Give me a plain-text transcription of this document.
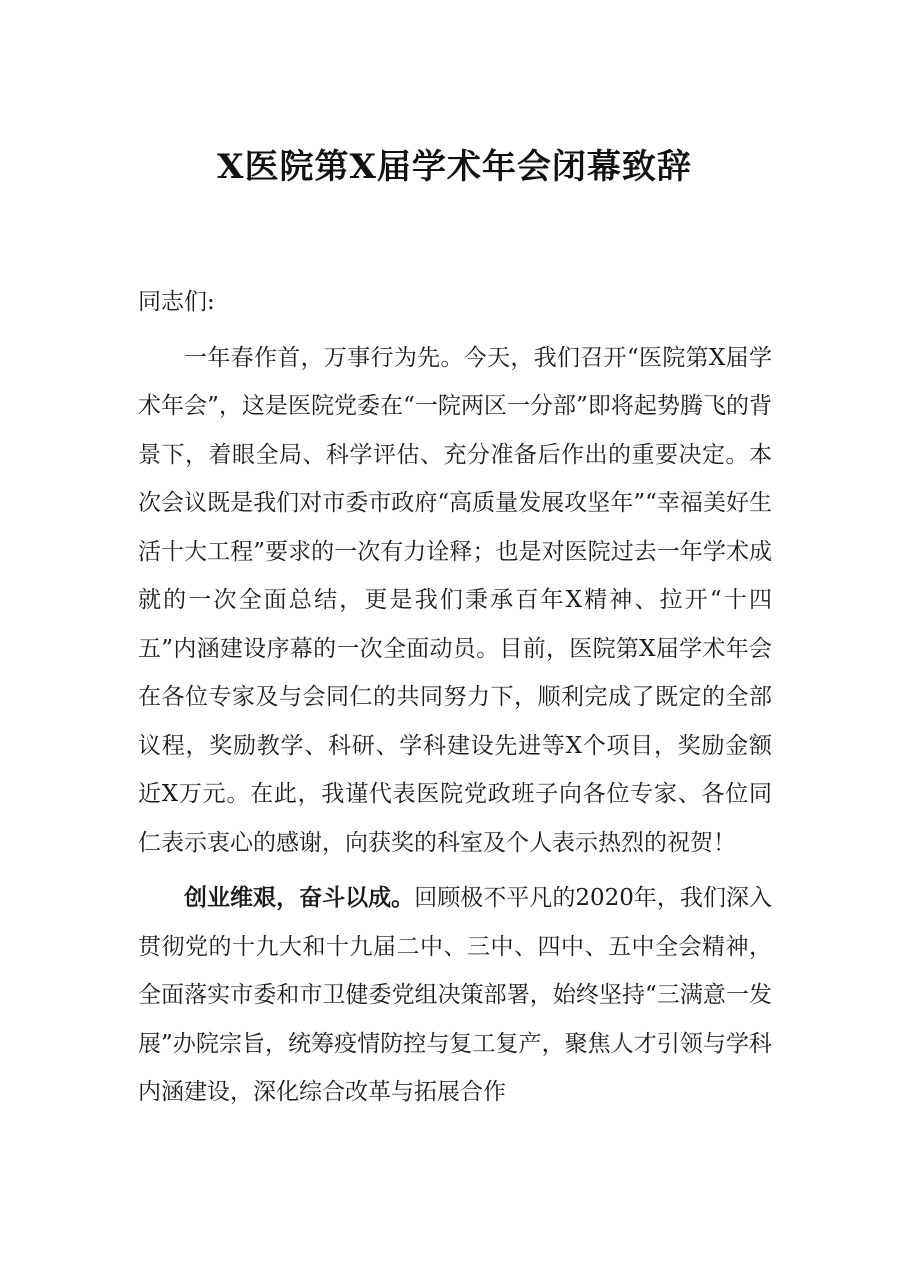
X医院第X届学术年会闭幕致辞

同志们:

一年春作首，万事行为先。今天，我们召开“医院第X届学术年会”，这是医院党委在“一院两区一分部”即将起势腾飞的背景下，着眼全局、科学评估、充分准备后作出的重要决定。本次会议既是我们对市委市政府“高质量发展攻坚年”“幸福美好生活十大工程”要求的一次有力诠释；也是对医院过去一年学术成就的一次全面总结，更是我们秉承百年X精神、拉开“十四五”内涵建设序幕的一次全面动员。目前，医院第X届学术年会在各位专家及与会同仁的共同努力下，顺利完成了既定的全部议程，奖励教学、科研、学科建设先进等X个项目，奖励金额近X万元。在此，我谨代表医院党政班子向各位专家、各位同仁表示衷心的感谢，向获奖的科室及个人表示热烈的祝贺！

创业维艰，奋斗以成。回顾极不平凡的2020年，我们深入贯彻党的十九大和十九届二中、三中、四中、五中全会精神，全面落实市委和市卫健委党组决策部署，始终坚持“三满意一发展”办院宗旨，统筹疫情防控与复工复产，聚焦人才引领与学科内涵建设，深化综合改革与拓展合作
